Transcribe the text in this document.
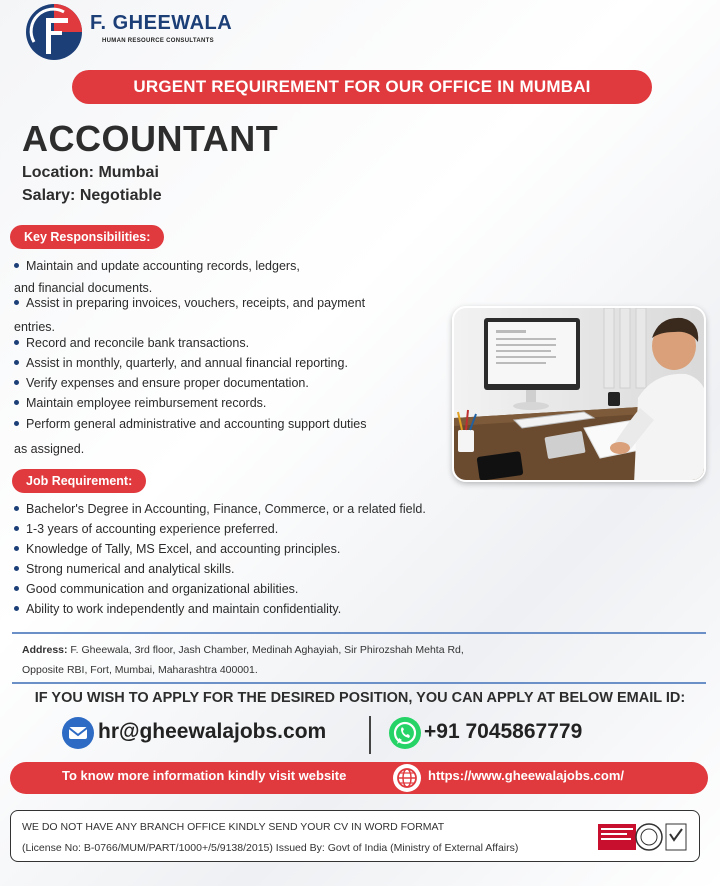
F. GHEEWALA
HUMAN RESOURCE CONSULTANTS
URGENT REQUIREMENT FOR OUR OFFICE IN MUMBAI
ACCOUNTANT
Location: Mumbai
Salary: Negotiable
Key Responsibilities:
Maintain and update accounting records, ledgers,
and financial documents.
Assist in preparing invoices, vouchers, receipts, and payment
entries.
Record and reconcile bank transactions.
Assist in monthly, quarterly, and annual financial reporting.
Verify expenses and ensure proper documentation.
Maintain employee reimbursement records.
Perform general administrative and accounting support duties
as assigned.
Job Requirement:
Bachelor's Degree in Accounting, Finance, Commerce, or a related field.
1-3 years of accounting experience preferred.
Knowledge of Tally, MS Excel, and accounting principles.
Strong numerical and analytical skills.
Good communication and organizational abilities.
Ability to work independently and maintain confidentiality.
Address: F. Gheewala, 3rd floor, Jash Chamber, Medinah Aghayiah, Sir Phirozshah Mehta Rd,
Opposite RBI, Fort, Mumbai, Maharashtra 400001.
IF YOU WISH TO APPLY FOR THE DESIRED POSITION, YOU CAN APPLY AT BELOW EMAIL ID:
hr@gheewalajobs.com	+91 7045867779
To know more information kindly visit website	https://www.gheewalajobs.com/
WE DO NOT HAVE ANY BRANCH OFFICE KINDLY SEND YOUR CV IN WORD FORMAT
(License No: B-0766/MUM/PART/1000+/5/9138/2015) Issued By: Govt of India (Ministry of External Affairs)
